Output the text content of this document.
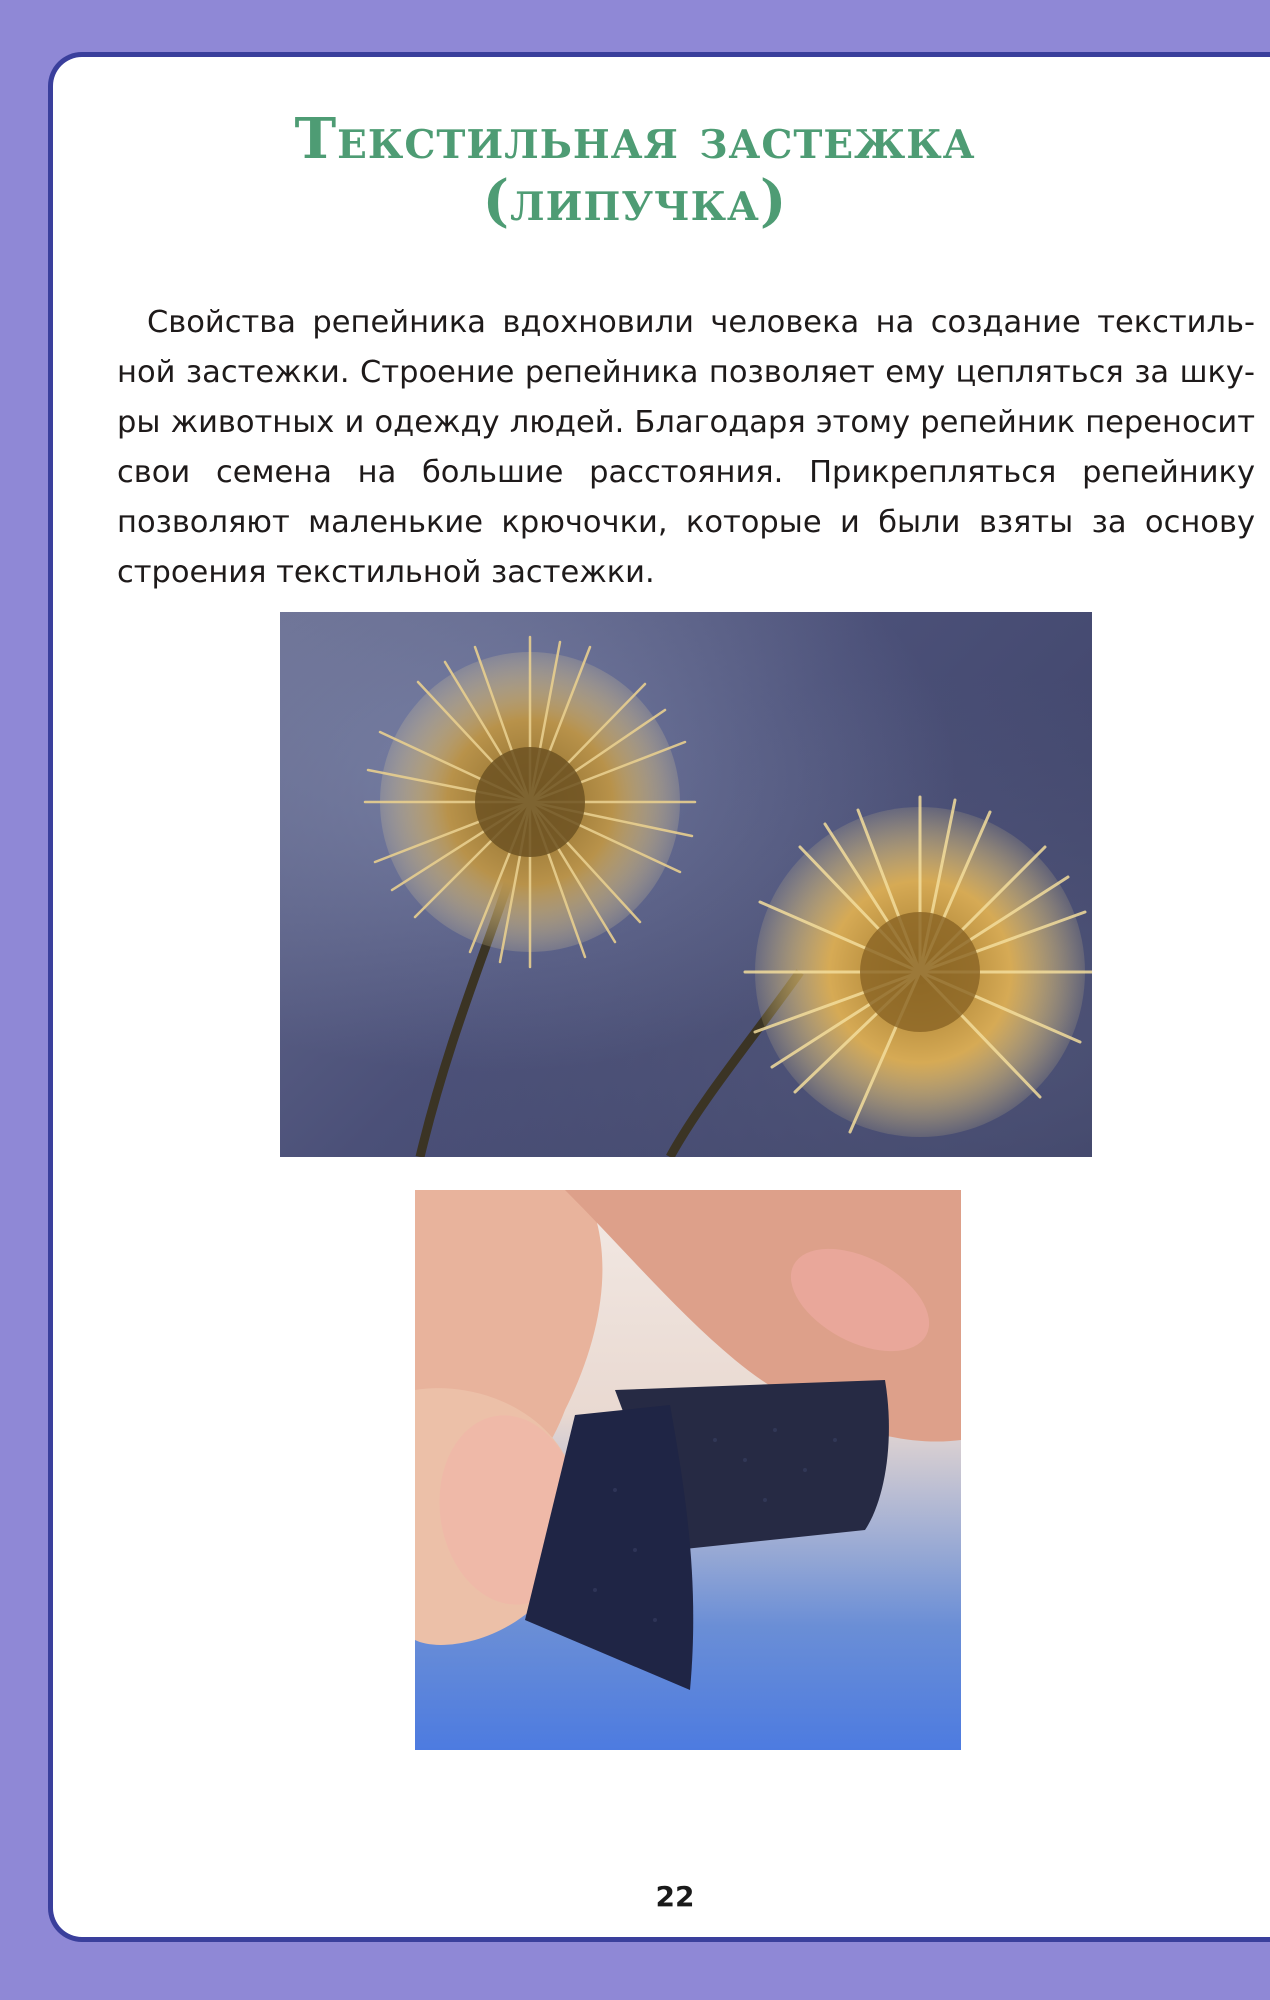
Текстильная застежка
(липучка)

Свойства репейника вдохновили человека на создание текстильной застежки. Строение репейника позволяет ему цепляться за шкуры животных и одежду людей. Благодаря этому репейник переносит свои семена на большие расстояния. Прикрепляться репейнику позволяют маленькие крючочки, которые и были взяты за основу строения текстильной застежки.

22
